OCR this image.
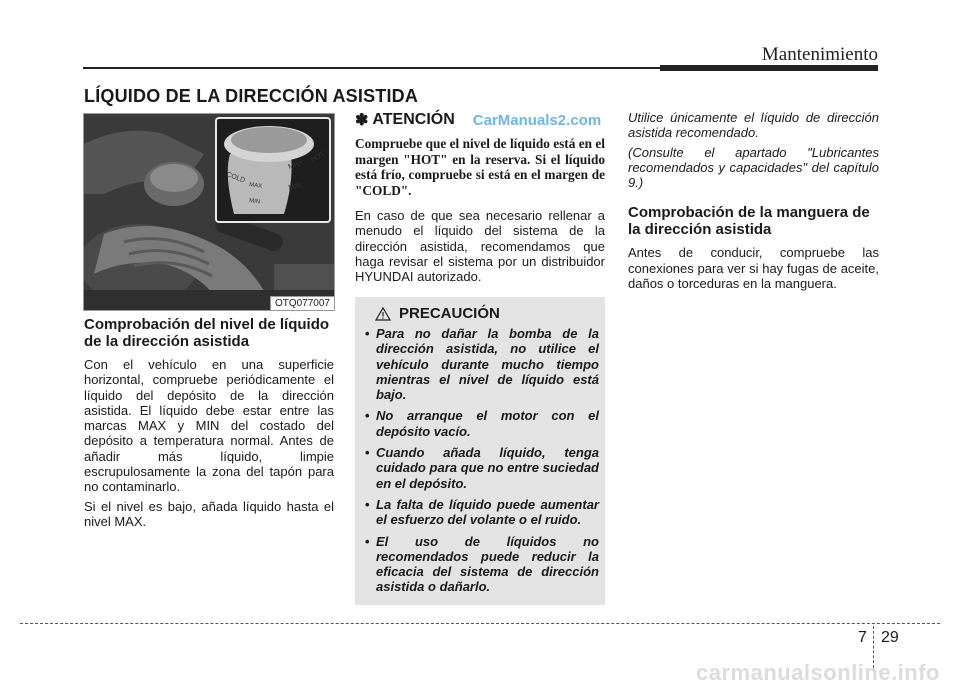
Mantenimiento
LÍQUIDO DE LA DIRECCIÓN ASISTIDA
MAX
HOT
COLD
MAX	MIN
MIN
OTQ077007
Comprobación del nivel de líquido de la dirección asistida

Con el vehículo en una superficie horizontal, compruebe periódicamente el líquido del depósito de la dirección asistida. El líquido debe estar entre las marcas MAX y MIN del costado del depósito a temperatura normal. Antes de añadir más líquido, limpie escrupulosamente la zona del tapón para no contaminarlo.

Si el nivel es bajo, añada líquido hasta el nivel MAX.

✽ ATENCIÓN CarManuals2.com

Compruebe que el nivel de líquido está en el margen "HOT" en la reserva. Si el líquido está frío, compruebe si está en el margen de "COLD".

En caso de que sea necesario rellenar a menudo el líquido del sistema de la dirección asistida, recomendamos que haga revisar el sistema por un distribuidor HYUNDAI autorizado.

PRECAUCIÓN
• Para no dañar la bomba de la dirección asistida, no utilice el vehículo durante mucho tiempo mientras el nivel de líquido está bajo.
• No arranque el motor con el depósito vacío.
• Cuando añada líquido, tenga cuidado para que no entre suciedad en el depósito.
• La falta de líquido puede aumentar el esfuerzo del volante o el ruido.
• El uso de líquidos no recomendados puede reducir la eficacia del sistema de dirección asistida o dañarlo.

Utilice únicamente el líquido de dirección asistida recomendado.

(Consulte el apartado "Lubricantes recomendados y capacidades" del capítulo 9.)

Comprobación de la manguera de la dirección asistida

Antes de conducir, compruebe las conexiones para ver si hay fugas de aceite, daños o torceduras en la manguera.

7 29
carmanualsonline.info
